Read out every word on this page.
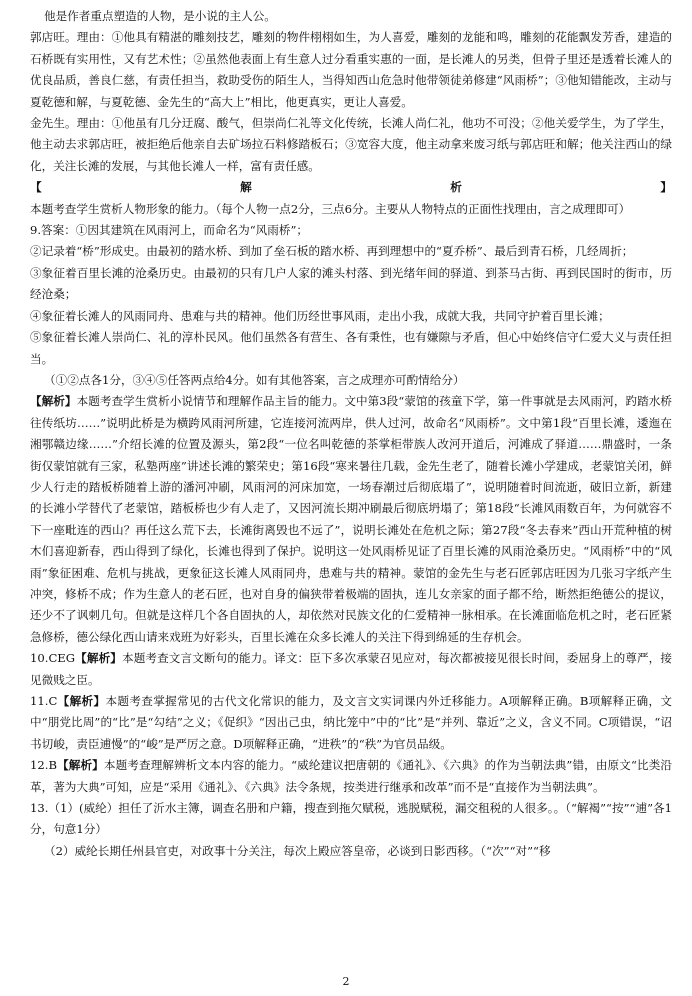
他是作者重点塑造的人物，是小说的主人公。

郭店旺。理由：①他具有精湛的雕刻技艺，雕刻的物件栩栩如生，为人喜爱，雕刻的龙能和鸣，雕刻的花能飘发芳香，建造的石桥既有实用性，又有艺术性；②虽然他表面上有生意人过分看重实惠的一面，是长滩人的另类，但骨子里还是透着长滩人的优良品质，善良仁慈，有责任担当，救助受伤的陌生人，当得知西山危急时他带领徒弟修建“风雨桥”；③他知错能改，主动与夏乾德和解，与夏乾德、金先生的“高大上”相比，他更真实，更让人喜爱。

金先生。理由：①他虽有几分迂腐、酸气，但崇尚仁礼等文化传统，长滩人尚仁礼，他功不可没；②他关爱学生，为了学生，他主动去求郭店旺，被拒绝后他亲自去矿场拉石料修踏板石；③宽容大度，他主动拿来废习纸与郭店旺和解；他关注西山的绿化，关注长滩的发展，与其他长滩人一样，富有责任感。

【解析】本题考查学生赏析人物形象的能力。（每个人物一点2分，三点6分。主要从人物特点的正面性找理由，言之成理即可）

9.答案：①因其建筑在风雨河上，而命名为“风雨桥”；

②记录着“桥”形成史。由最初的踏水桥、到加了垒石板的踏水桥、再到理想中的“夏乔桥”、最后到青石桥，几经周折；

③象征着百里长滩的沧桑历史。由最初的只有几户人家的滩头村落、到光绪年间的驿道、到茶马古街、再到民国时的街市，历经沧桑；

④象征着长滩人的风雨同舟、患难与共的精神。他们历经世事风雨，走出小我，成就大我，共同守护着百里长滩；

⑤象征着长滩人崇尚仁、礼的淳朴民风。他们虽然各有营生、各有秉性，也有嫌隙与矛盾，但心中始终信守仁爱大义与责任担当。

（①②点各1分，③④⑤任答两点给4分。如有其他答案，言之成理亦可酌情给分）

【解析】本题考查学生赏析小说情节和理解作品主旨的能力。文中第3段“蒙馆的孩童下学，第一件事就是去风雨河，趵踏水桥往传纸坊……”说明此桥是为横跨风雨河所建，它连接河流两岸，供人过河，故命名“风雨桥”。文中第1段“百里长滩，逶迤在湘鄂赣边缘……”介绍长滩的位置及源头，第2段“一位名叫乾德的茶掌柜带族人改河开道后，河滩成了驿道……鼎盛时，一条街仅蒙馆就有三家，私塾两座”讲述长滩的繁荣史；第16段“寒来暑往几载，金先生老了，随着长滩小学建成，老蒙馆关闭，鲜少人行走的踏板桥随着上游的潘河冲刷，风雨河的河床加宽，一场春潮过后彻底塌了”，说明随着时间流逝，破旧立新，新建的长滩小学替代了老蒙馆，踏板桥也少有人走了，又因河流长期冲刷最后彻底坍塌了；第18段“长滩风雨数百年，为何就容不下一座毗连的西山？再任这么荒下去，长滩街离毁也不远了”，说明长滩处在危机之际；第27段“冬去春来”西山开荒种植的树木们喜迎新春，西山得到了绿化，长滩也得到了保护。说明这一处风雨桥见证了百里长滩的风雨沧桑历史。“风雨桥”中的“风雨”象征困难、危机与挑战，更象征这长滩人风雨同舟，患难与共的精神。蒙馆的金先生与老石匠郭店旺因为几张习字纸产生冲突，修桥不成；作为生意人的老石匠，也对自身的偏狭带着极端的固执，连儿女亲家的面子都不给，断然拒绝德公的提议，还少不了讽刺几句。但就是这样几个各自固执的人，却依然对民族文化的仁爱精神一脉相承。在长滩面临危机之时，老石匠紧急修桥，德公绿化西山请来戏班为好彩头，百里长滩在众多长滩人的关注下得到绵延的生存机会。

10.CEG【解析】本题考查文言文断句的能力。译文：臣下多次承蒙召见应对，每次都被接见很长时间，委屈身上的尊严，接见微贱之臣。

11.C【解析】本题考查掌握常见的古代文化常识的能力，及文言文实词课内外迁移能力。A项解释正确。B项解释正确，文中“朋党比周”的“比”是“勾结”之义；《促织》“因出己虫，纳比笼中”中的“比”是“并列、靠近”之义，含义不同。C项错误，“诏书切峻，责臣逋慢”的“峻”是严厉之意。D项解释正确，“进秩”的“秩”为官员品级。

12.B【解析】本题考查理解辨析文本内容的能力。“威纶建议把唐朝的《通礼》、《六典》的作为当朝法典”错，由原文“比类沿革，著为大典”可知，应是“采用《通礼》、《六典》法令条规，按类进行继承和改革”而不是“直接作为当朝法典”。

13.（1）(威纶）担任了沂水主簿，调查名册和户籍，搜查到拖欠赋税，逃脱赋税，漏交租税的人很多。。（“解褐”“按”“逋”各1分，句意1分）

（2）威纶长期任州县官吏，对政事十分关注，每次上殿应答皇帝，必谈到日影西移。（“次”“对”“移

2
